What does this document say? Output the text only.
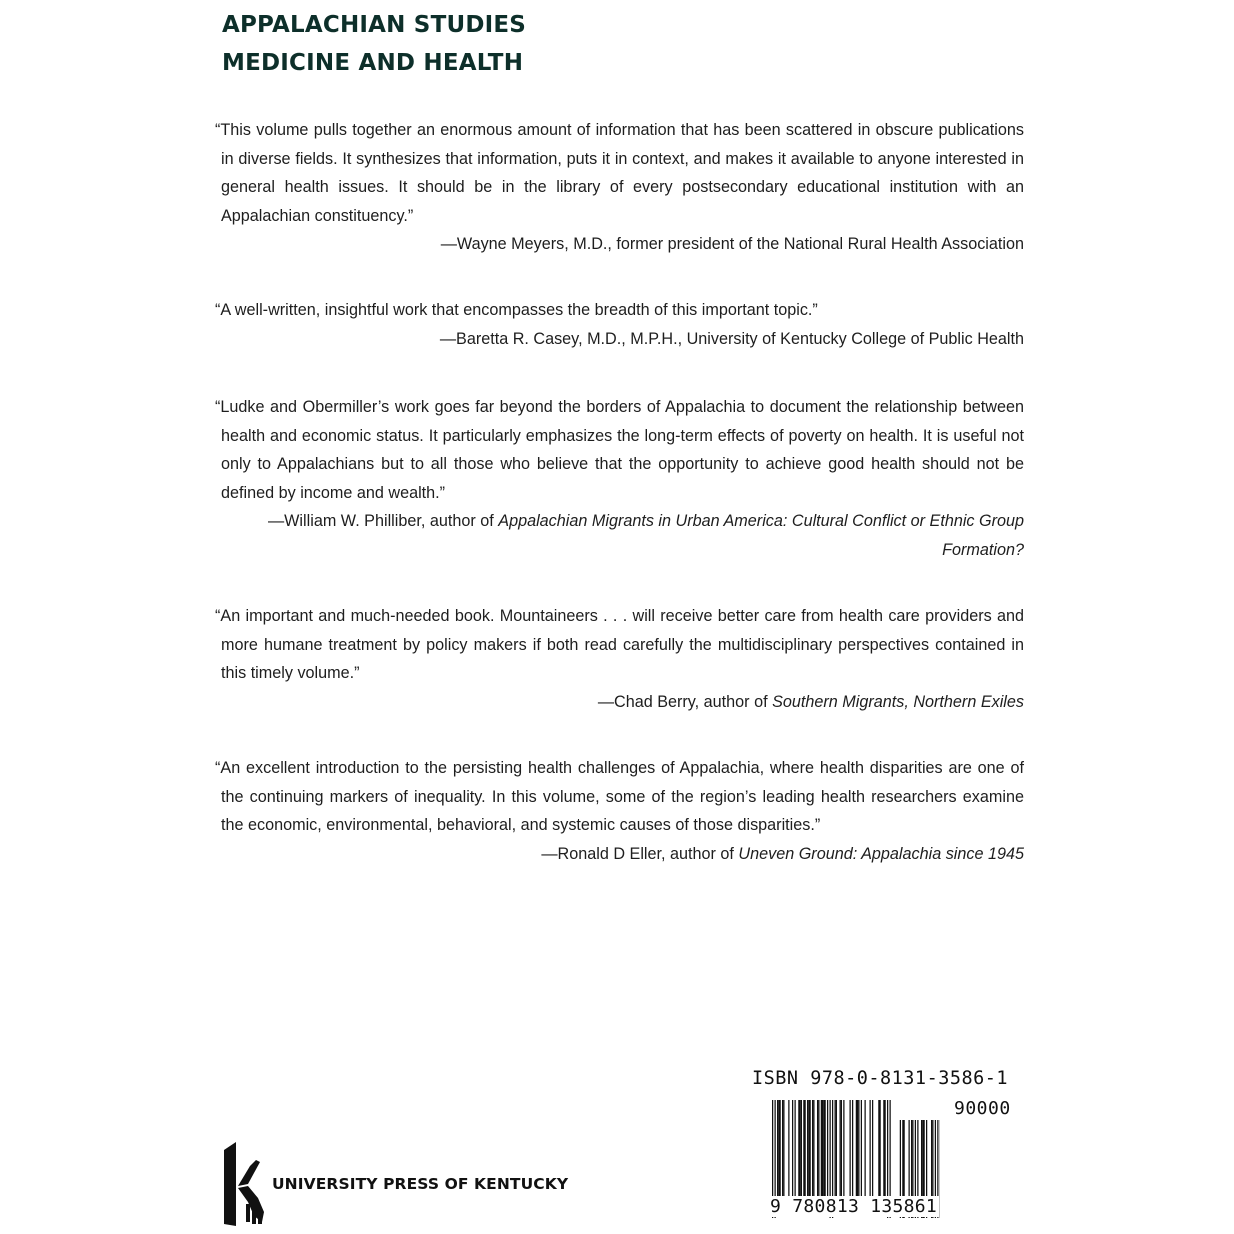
APPALACHIAN STUDIES
MEDICINE AND HEALTH
“This volume pulls together an enormous amount of information that has been scattered in obscure publications in diverse fields. It synthesizes that information, puts it in context, and makes it available to anyone interested in general health issues. It should be in the library of every postsecondary educational institution with an Appalachian constituency.”
—Wayne Meyers, M.D., former president of the National Rural Health Association
“A well-written, insightful work that encompasses the breadth of this important topic.”
—Baretta R. Casey, M.D., M.P.H., University of Kentucky College of Public Health
“Ludke and Obermiller’s work goes far beyond the borders of Appalachia to document the relationship between health and economic status. It particularly emphasizes the long-term effects of poverty on health. It is useful not only to Appalachians but to all those who believe that the opportunity to achieve good health should not be defined by income and wealth.”
—William W. Philliber, author of Appalachian Migrants in Urban America: Cultural Conflict or Ethnic Group Formation?
“An important and much-needed book. Mountaineers . . . will receive better care from health care providers and more humane treatment by policy makers if both read carefully the multidisciplinary perspectives contained in this timely volume.”
—Chad Berry, author of Southern Migrants, Northern Exiles
“An excellent introduction to the persisting health challenges of Appalachia, where health disparities are one of the continuing markers of inequality. In this volume, some of the region’s leading health researchers examine the economic, environmental, behavioral, and systemic causes of those disparities.”
—Ronald D Eller, author of Uneven Ground: Appalachia since 1945
UNIVERSITY PRESS OF KENTUCKY
ISBN 978-0-8131-3586-1
90000
9 780813 135861
